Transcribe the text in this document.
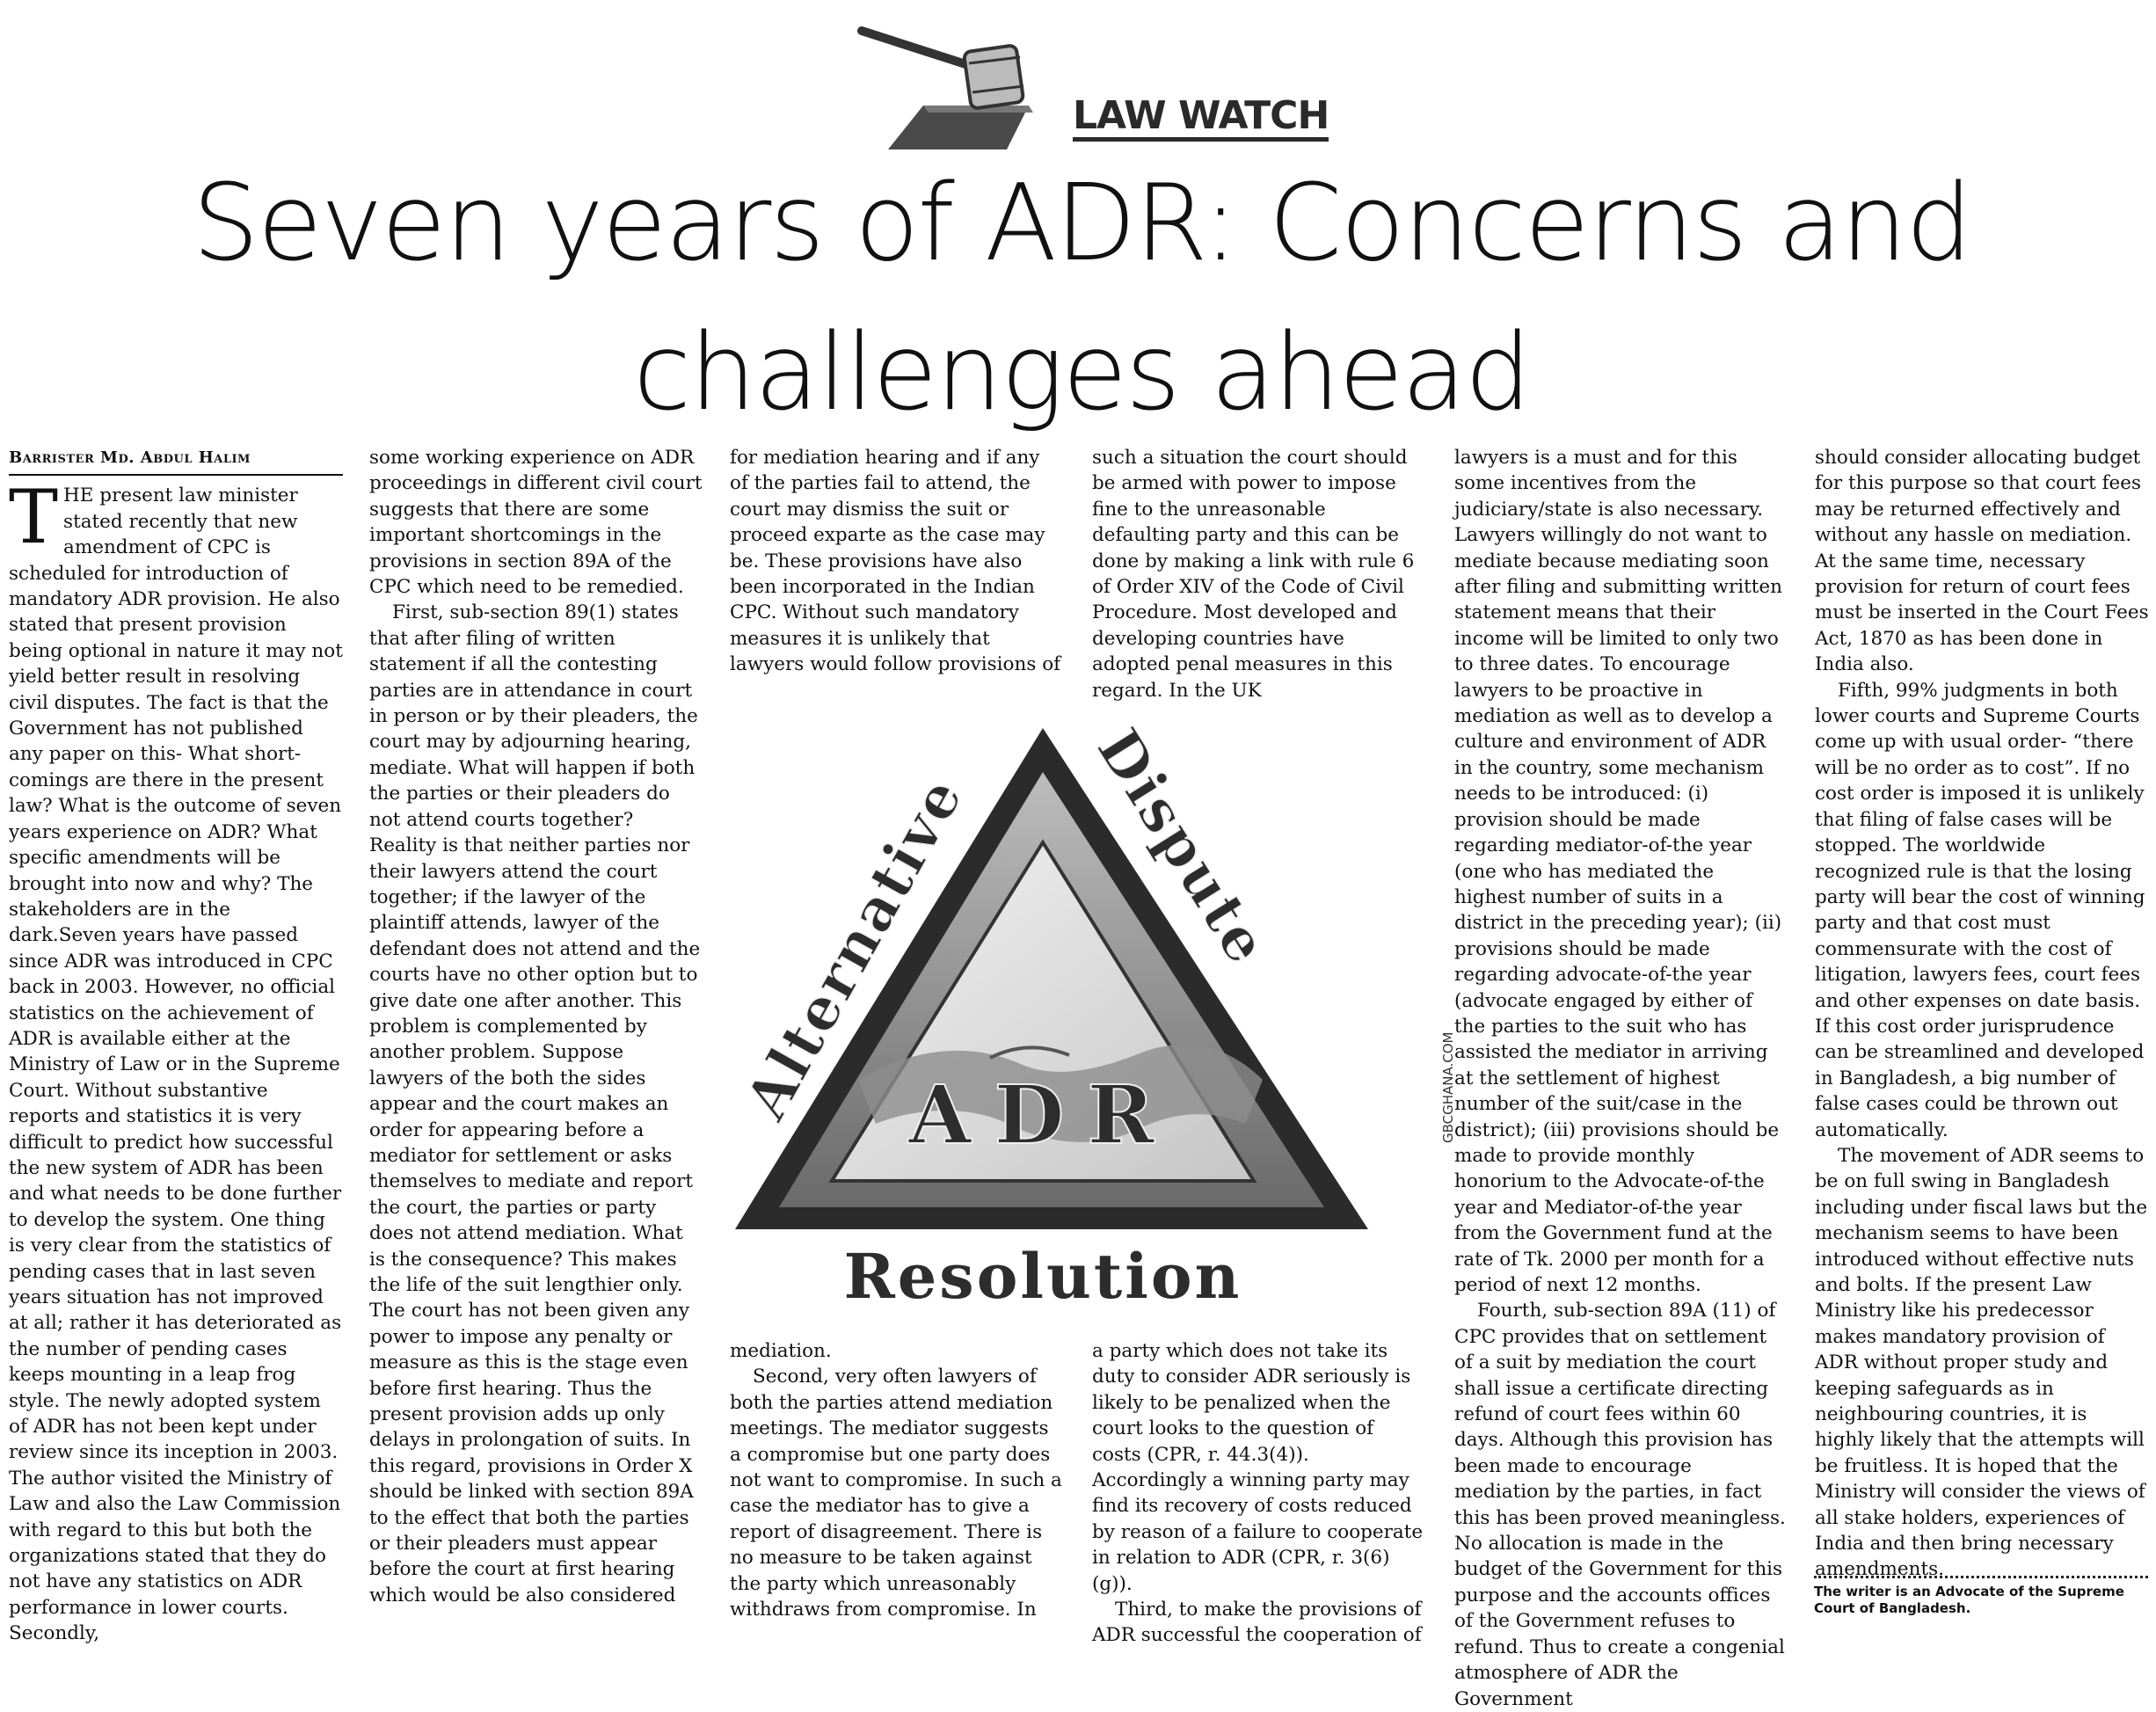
LAW WATCH
Seven years of ADR: Concerns and
challenges ahead
Barrister Md. Abdul Halim

THE present law minister stated recently that new amendment of CPC is scheduled for introduction of mandatory ADR provision. He also stated that present provision being optional in nature it may not yield better result in resolving civil disputes. The fact is that the Government has not published any paper on this- What short-comings are there in the present law? What is the outcome of seven years experience on ADR? What specific amendments will be brought into now and why? The stakeholders are in the dark.Seven years have passed since ADR was introduced in CPC back in 2003. However, no official statistics on the achievement of ADR is available either at the Ministry of Law or in the Supreme Court. Without substantive reports and statistics it is very difficult to predict how successful the new system of ADR has been and what needs to be done further to develop the system. One thing is very clear from the statistics of pending cases that in last seven years situation has not improved at all; rather it has deteriorated as the number of pending cases keeps mounting in a leap frog style. The newly adopted system of ADR has not been kept under review since its inception in 2003. The author visited the Ministry of Law and also the Law Commission with regard to this but both the organizations stated that they do not have any statistics on ADR performance in lower courts. Secondly,

some working experience on ADR proceedings in different civil court suggests that there are some important shortcomings in the provisions in section 89A of the CPC which need to be remedied.

First, sub-section 89(1) states that after filing of written statement if all the contesting parties are in attendance in court in person or by their pleaders, the court may by adjourning hearing, mediate. What will happen if both the parties or their pleaders do not attend courts together? Reality is that neither parties nor their lawyers attend the court together; if the lawyer of the plaintiff attends, lawyer of the defendant does not attend and the courts have no other option but to give date one after another. This problem is complemented by another problem. Suppose lawyers of the both the sides appear and the court makes an order for appearing before a mediator for settlement or asks themselves to mediate and report the court, the parties or party does not attend mediation. What is the consequence? This makes the life of the suit lengthier only. The court has not been given any power to impose any penalty or measure as this is the stage even before first hearing. Thus the present provision adds up only delays in prolongation of suits. In this regard, provisions in Order X should be linked with section 89A to the effect that both the parties or their pleaders must appear before the court at first hearing which would be also considered

for mediation hearing and if any of the parties fail to attend, the court may dismiss the suit or proceed exparte as the case may be. These provisions have also been incorporated in the Indian CPC. Without such mandatory measures it is unlikely that lawyers would follow provisions of

such a situation the court should be armed with power to impose fine to the unreasonable defaulting party and this can be done by making a link with rule 6 of Order XIV of the Code of Civil Procedure. Most developed and developing countries have adopted penal measures in this regard. In the UK

ADR
Alternative
Dispute
Resolution
GBCGHANA.COM

mediation.

Second, very often lawyers of both the parties attend mediation meetings. The mediator suggests a compromise but one party does not want to compromise. In such a case the mediator has to give a report of disagreement. There is no measure to be taken against the party which unreasonably withdraws from compromise. In

a party which does not take its duty to consider ADR seriously is likely to be penalized when the court looks to the question of costs (CPR, r. 44.3(4)). Accordingly a winning party may find its recovery of costs reduced by reason of a failure to cooperate in relation to ADR (CPR, r. 3(6)(g)).

Third, to make the provisions of ADR successful the cooperation of

lawyers is a must and for this some incentives from the judiciary/state is also necessary. Lawyers willingly do not want to mediate because mediating soon after filing and submitting written statement means that their income will be limited to only two to three dates. To encourage lawyers to be proactive in mediation as well as to develop a culture and environment of ADR in the country, some mechanism needs to be introduced: (i) provision should be made regarding mediator-of-the year (one who has mediated the highest number of suits in a district in the preceding year); (ii) provisions should be made regarding advocate-of-the year (advocate engaged by either of the parties to the suit who has assisted the mediator in arriving at the settlement of highest number of the suit/case in the district); (iii) provisions should be made to provide monthly honorium to the Advocate-of-the year and Mediator-of-the year from the Government fund at the rate of Tk. 2000 per month for a period of next 12 months.

Fourth, sub-section 89A (11) of CPC provides that on settlement of a suit by mediation the court shall issue a certificate directing refund of court fees within 60 days. Although this provision has been made to encourage mediation by the parties, in fact this has been proved meaningless. No allocation is made in the budget of the Government for this purpose and the accounts offices of the Government refuses to refund. Thus to create a congenial atmosphere of ADR the Government

should consider allocating budget for this purpose so that court fees may be returned effectively and without any hassle on mediation. At the same time, necessary provision for return of court fees must be inserted in the Court Fees Act, 1870 as has been done in India also.

Fifth, 99% judgments in both lower courts and Supreme Courts come up with usual order- “there will be no order as to cost”. If no cost order is imposed it is unlikely that filing of false cases will be stopped. The worldwide recognized rule is that the losing party will bear the cost of winning party and that cost must commensurate with the cost of litigation, lawyers fees, court fees and other expenses on date basis. If this cost order jurisprudence can be streamlined and developed in Bangladesh, a big number of false cases could be thrown out automatically.

The movement of ADR seems to be on full swing in Bangladesh including under fiscal laws but the mechanism seems to have been introduced without effective nuts and bolts. If the present Law Ministry like his predecessor makes mandatory provision of ADR without proper study and keeping safeguards as in neighbouring countries, it is highly likely that the attempts will be fruitless. It is hoped that the Ministry will consider the views of all stake holders, experiences of India and then bring necessary amendments.

The writer is an Advocate of the Supreme Court of Bangladesh.
